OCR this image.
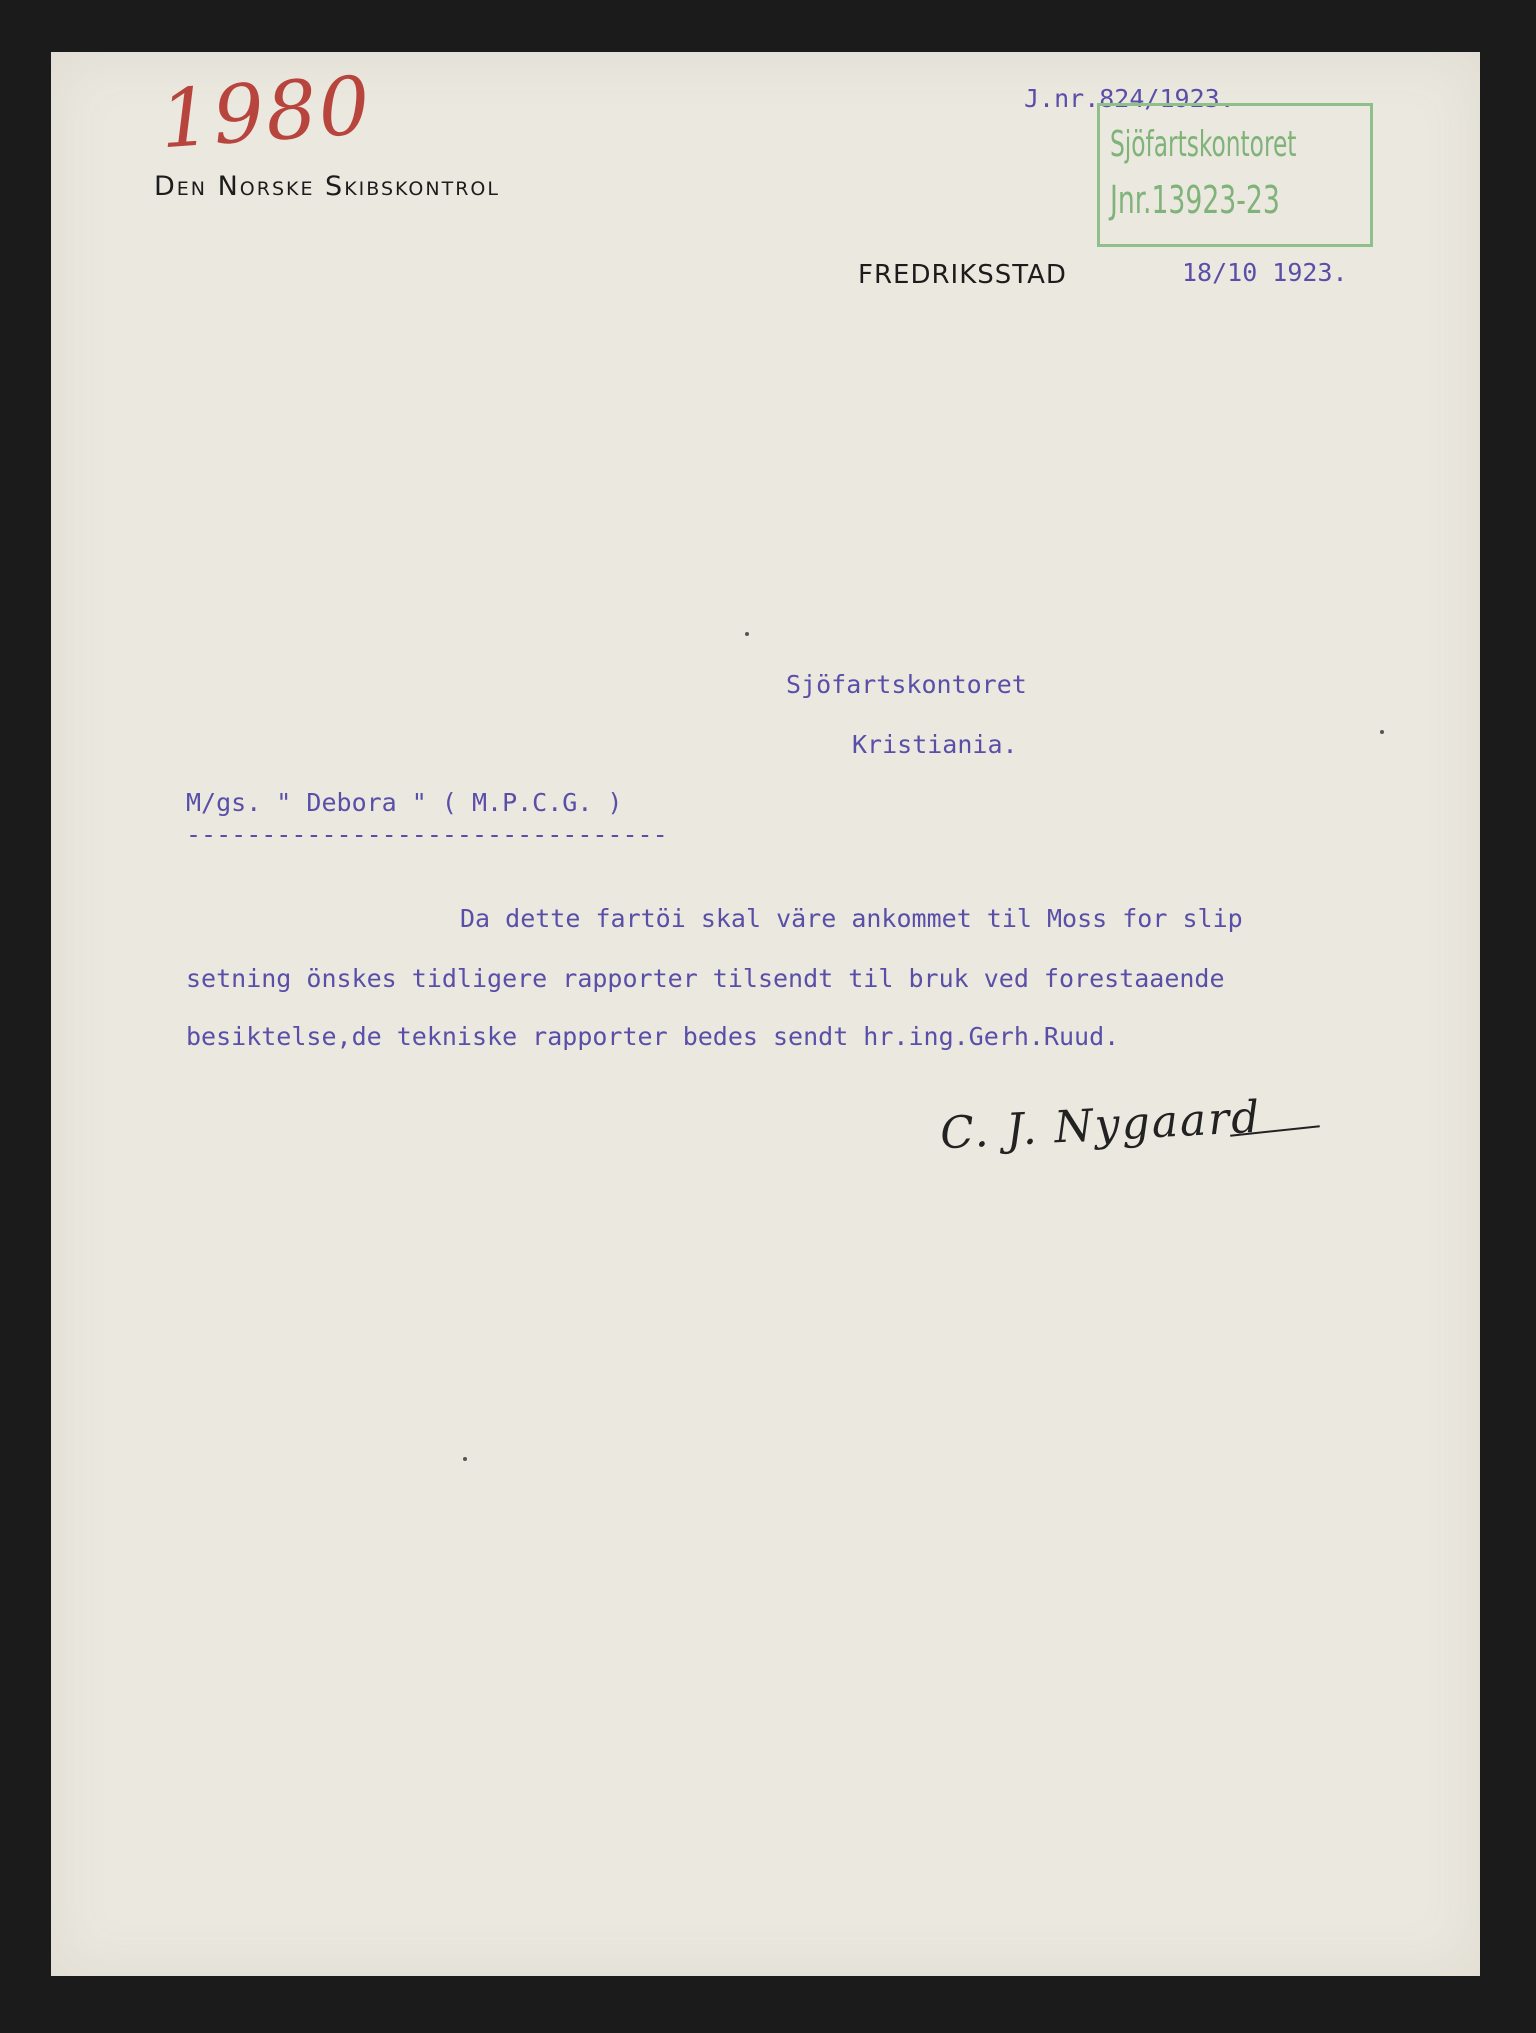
1980
Den Norske Skibskontrol
J.nr.824/1923.
Sjöfartskontoret
Jnr.13923-23
FREDRIKSSTAD	18/10 1923.
Sjöfartskontoret
Kristiania.
M/gs. " Debora " ( M.P.C.G. )
--------------------------------
Da dette fartöi skal väre ankommet til Moss for slip
setning önskes tidligere rapporter tilsendt til bruk ved forestaaende
besiktelse,de tekniske rapporter bedes sendt hr.ing.Gerh.Ruud.
C. J. Nygaard
